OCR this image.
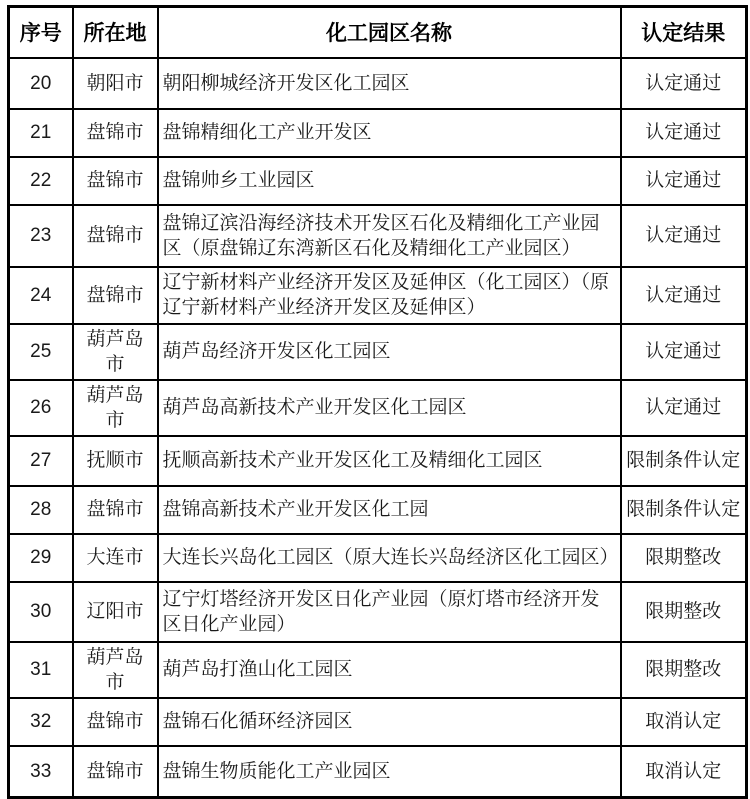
序号	所在地	化工园区名称	认定结果
20	朝阳市	朝阳柳城经济开发区化工园区	认定通过
21	盘锦市	盘锦精细化工产业开发区	认定通过
22	盘锦市	盘锦帅乡工业园区	认定通过
23	盘锦市	盘锦辽滨沿海经济技术开发区石化及精细化工产业园区（原盘锦辽东湾新区石化及精细化工产业园区）	认定通过
24	盘锦市	辽宁新材料产业经济开发区及延伸区（化工园区）（原辽宁新材料产业经济开发区及延伸区）	认定通过
25	葫芦岛市	葫芦岛经济开发区化工园区	认定通过
26	葫芦岛市	葫芦岛高新技术产业开发区化工园区	认定通过
27	抚顺市	抚顺高新技术产业开发区化工及精细化工园区	限制条件认定
28	盘锦市	盘锦高新技术产业开发区化工园	限制条件认定
29	大连市	大连长兴岛化工园区（原大连长兴岛经济区化工园区）	限期整改
30	辽阳市	辽宁灯塔经济开发区日化产业园（原灯塔市经济开发区日化产业园）	限期整改
31	葫芦岛市	葫芦岛打渔山化工园区	限期整改
32	盘锦市	盘锦石化循环经济园区	取消认定
33	盘锦市	盘锦生物质能化工产业园区	取消认定
